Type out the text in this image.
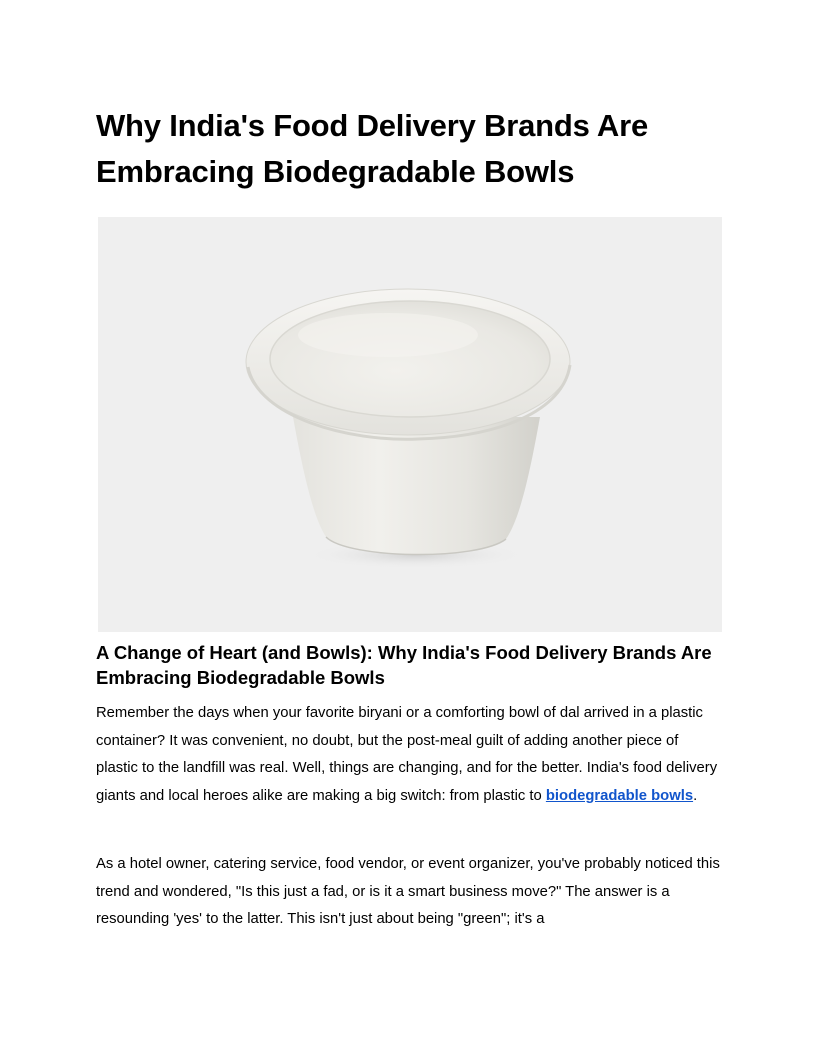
Why India's Food Delivery Brands Are Embracing Biodegradable Bowls
A Change of Heart (and Bowls): Why India's Food Delivery Brands Are Embracing Biodegradable Bowls

Remember the days when your favorite biryani or a comforting bowl of dal arrived in a plastic container? It was convenient, no doubt, but the post-meal guilt of adding another piece of plastic to the landfill was real. Well, things are changing, and for the better. India's food delivery giants and local heroes alike are making a big switch: from plastic to biodegradable bowls.

As a hotel owner, catering service, food vendor, or event organizer, you've probably noticed this trend and wondered, "Is this just a fad, or is it a smart business move?" The answer is a resounding 'yes' to the latter. This isn't just about being "green"; it's a
